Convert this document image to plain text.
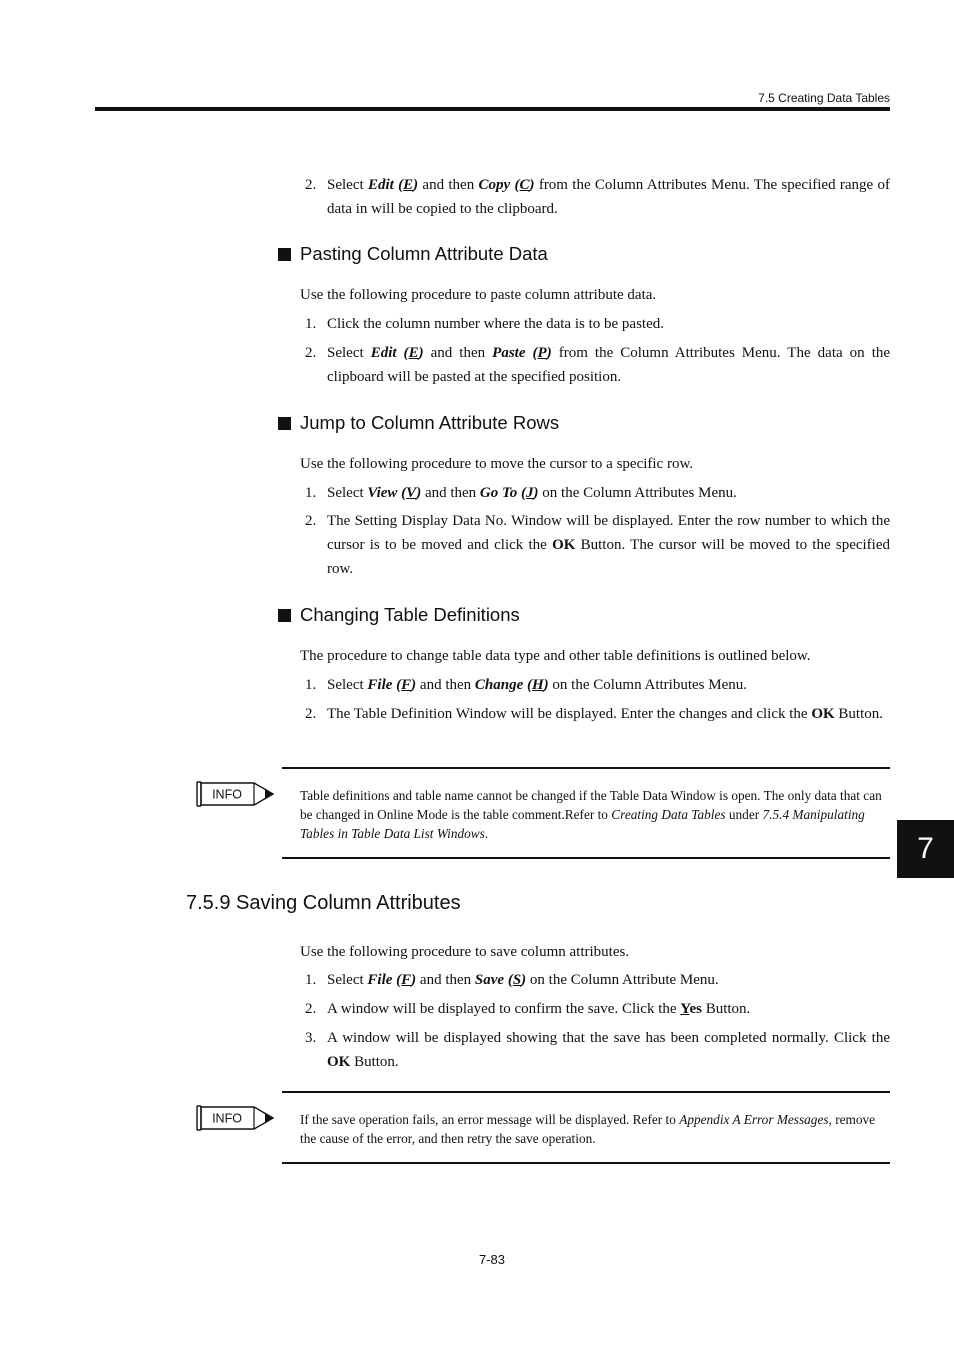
7.5 Creating Data Tables
2. Select Edit (E) and then Copy (C) from the Column Attributes Menu. The specified range of data in will be copied to the clipboard.
Pasting Column Attribute Data
Use the following procedure to paste column attribute data.
1. Click the column number where the data is to be pasted.
2. Select Edit (E) and then Paste (P) from the Column Attributes Menu. The data on the clipboard will be pasted at the specified position.
Jump to Column Attribute Rows
Use the following procedure to move the cursor to a specific row.
1. Select View (V) and then Go To (J) on the Column Attributes Menu.
2. The Setting Display Data No. Window will be displayed. Enter the row number to which the cursor is to be moved and click the OK Button. The cursor will be moved to the specified row.
Changing Table Definitions
The procedure to change table data type and other table definitions is outlined below.
1. Select File (F) and then Change (H) on the Column Attributes Menu.
2. The Table Definition Window will be displayed. Enter the changes and click the OK Button.
INFO	Table definitions and table name cannot be changed if the Table Data Window is open. The only data that can be changed in Online Mode is the table comment.Refer to Creating Data Tables under 7.5.4 Manipulating Tables in Table Data List Windows.	7
7.5.9 Saving Column Attributes
Use the following procedure to save column attributes.
1. Select File (F) and then Save (S) on the Column Attribute Menu.
2. A window will be displayed to confirm the save. Click the Yes Button.
3. A window will be displayed showing that the save has been completed normally. Click the OK Button.
INFO	If the save operation fails, an error message will be displayed. Refer to Appendix A Error Messages, remove the cause of the error, and then retry the save operation.
7-83
